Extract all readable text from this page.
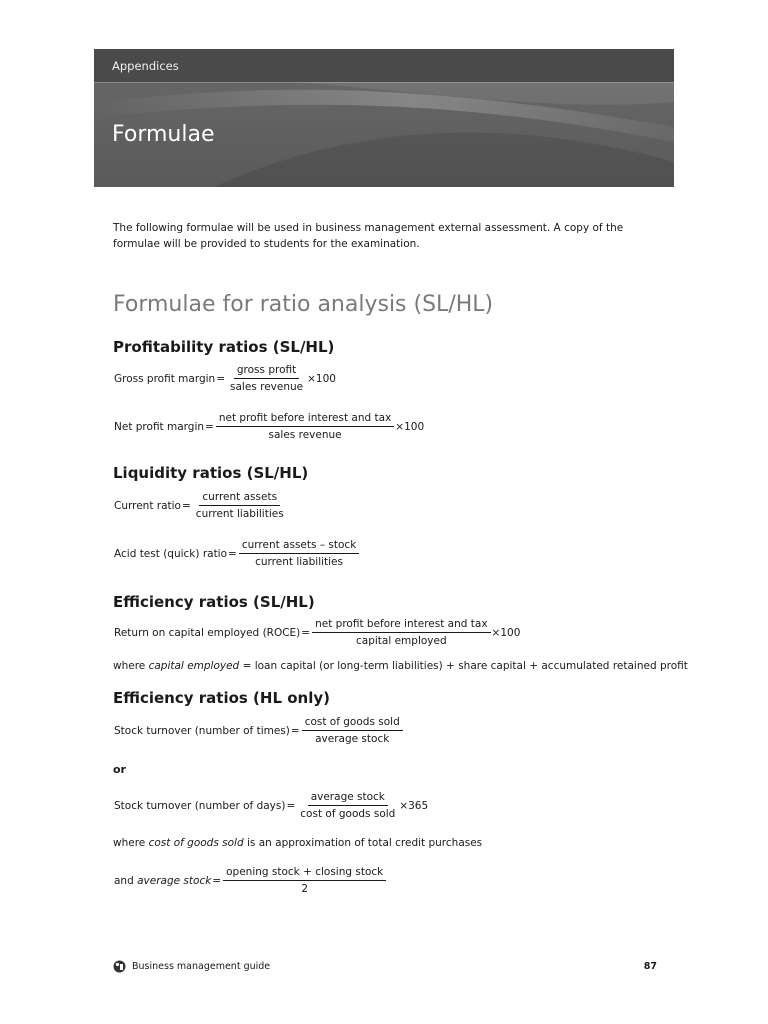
Appendices
Formulae
The following formulae will be used in business management external assessment. A copy of the formulae will be provided to students for the examination.
Formulae for ratio analysis (SL/HL)
Profitability ratios (SL/HL)
Gross profit margin = $\frac{\text{gross profit}}{\text{sales revenue}} \times 100$
Net profit margin = $\frac{\text{net profit before interest and tax}}{\text{sales revenue}} \times 100$
Liquidity ratios (SL/HL)
Current ratio = $\frac{\text{current assets}}{\text{current liabilities}}$
Acid test (quick) ratio = $\frac{\text{current assets – stock}}{\text{current liabilities}}$
Efficiency ratios (SL/HL)
Return on capital employed (ROCE) = $\frac{\text{net profit before interest and tax}}{\text{capital employed}} \times 100$
where capital employed = loan capital (or long-term liabilities) + share capital + accumulated retained profit
Efficiency ratios (HL only)
Stock turnover (number of times) = $\frac{\text{cost of goods sold}}{\text{average stock}}$
or
Stock turnover (number of days) = $\frac{\text{average stock}}{\text{cost of goods sold}} \times 365$
where cost of goods sold is an approximation of total credit purchases
and
average stock = $\frac{\text{opening stock + closing stock}}{2}$
Business management guide	87
